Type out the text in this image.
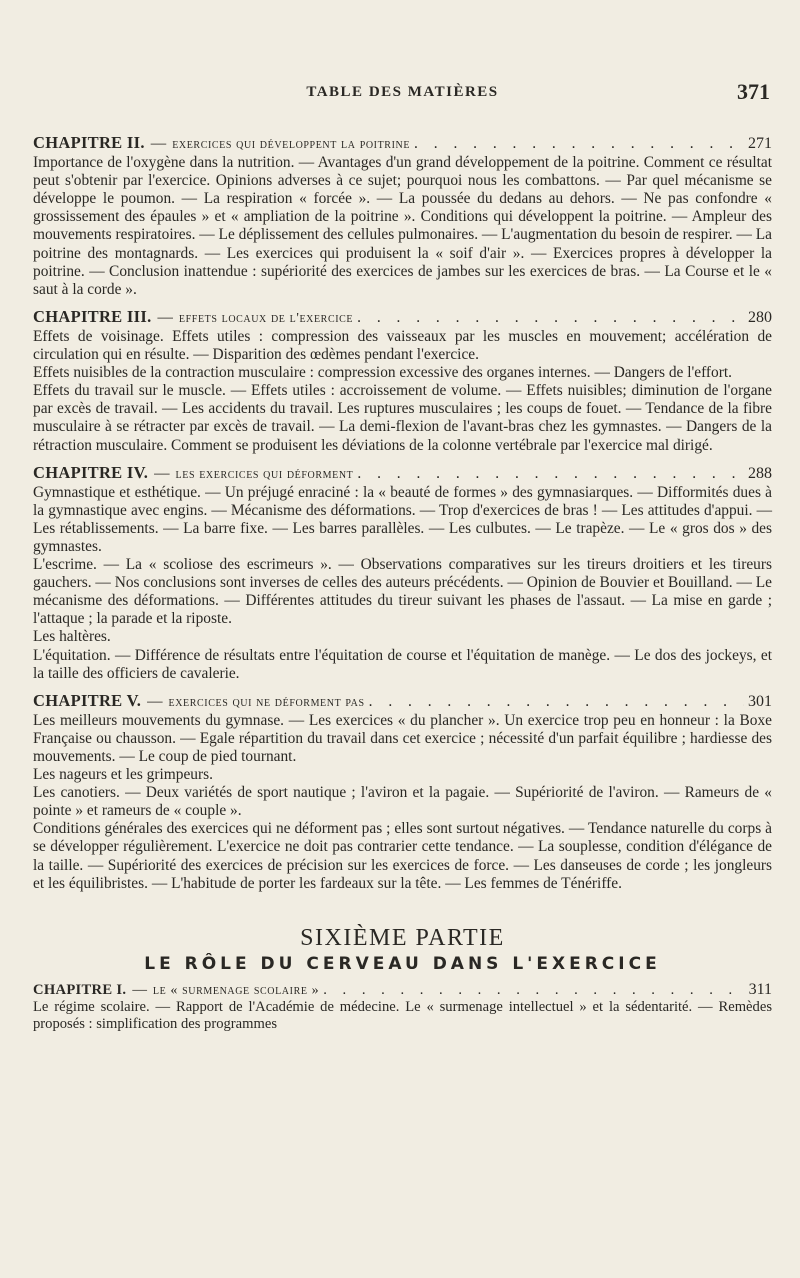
TABLE DES MATIÈRES	371
CHAPITRE II. — exercices qui développent la poitrine . . .	271
Importance de l'oxygène dans la nutrition. — Avantages d'un grand développement de la poitrine. Comment ce résultat peut s'obtenir par l'exercice. Opinions adverses à ce sujet; pourquoi nous les combattons. — Par quel mécanisme se développe le poumon. — La respiration « forcée ». — La poussée du dedans au dehors. — Ne pas confondre « grossissement des épaules » et « ampliation de la poitrine ». Conditions qui développent la poitrine. — Ampleur des mouvements respiratoires. — Le déplissement des cellules pulmonaires. — L'augmentation du besoin de respirer. — La poitrine des montagnards. — Les exercices qui produisent la « soif d'air ». — Exercices propres à développer la poitrine. — Conclusion inattendue : supériorité des exercices de jambes sur les exercices de bras. — La Course et le « saut à la corde ».
CHAPITRE III. — effets locaux de l'exercice . . .	280
Effets de voisinage. Effets utiles : compression des vaisseaux par les muscles en mouvement; accélération de circulation qui en résulte. — Disparition des œdèmes pendant l'exercice.
Effets nuisibles de la contraction musculaire : compression excessive des organes internes. — Dangers de l'effort.
Effets du travail sur le muscle. — Effets utiles : accroissement de volume. — Effets nuisibles; diminution de l'organe par excès de travail. — Les accidents du travail. Les ruptures musculaires ; les coups de fouet. — Tendance de la fibre musculaire à se rétracter par excès de travail. — La demi-flexion de l'avant-bras chez les gymnastes. — Dangers de la rétraction musculaire. Comment se produisent les déviations de la colonne vertébrale par l'exercice mal dirigé.
CHAPITRE IV. — les exercices qui déforment . . .	288
Gymnastique et esthétique. — Un préjugé enraciné : la « beauté de formes » des gymnasiarques. — Difformités dues à la gymnastique avec engins. — Mécanisme des déformations. — Trop d'exercices de bras ! — Les attitudes d'appui. — Les rétablissements. — La barre fixe. — Les barres parallèles. — Les culbutes. — Le trapèze. — Le « gros dos » des gymnastes.
L'escrime. — La « scoliose des escrimeurs ». — Observations comparatives sur les tireurs droitiers et les tireurs gauchers. — Nos conclusions sont inverses de celles des auteurs précédents. — Opinion de Bouvier et Bouilland. — Le mécanisme des déformations. — Différentes attitudes du tireur suivant les phases de l'assaut. — La mise en garde ; l'attaque ; la parade et la riposte.
Les haltères.
L'équitation. — Différence de résultats entre l'équitation de course et l'équitation de manège. — Le dos des jockeys, et la taille des officiers de cavalerie.
CHAPITRE V. — exercices qui ne déforment pas . . .	301
Les meilleurs mouvements du gymnase. — Les exercices « du plancher ». Un exercice trop peu en honneur : la Boxe Française ou chausson. — Egale répartition du travail dans cet exercice ; nécessité d'un parfait équilibre ; hardiesse des mouvements. — Le coup de pied tournant.
Les nageurs et les grimpeurs.
Les canotiers. — Deux variétés de sport nautique ; l'aviron et la pagaie. — Supériorité de l'aviron. — Rameurs de « pointe » et rameurs de « couple ».
Conditions générales des exercices qui ne déforment pas ; elles sont surtout négatives. — Tendance naturelle du corps à se développer régulièrement. L'exercice ne doit pas contrarier cette tendance. — La souplesse, condition d'élégance de la taille. — Supériorité des exercices de précision sur les exercices de force. — Les danseuses de corde ; les jongleurs et les équilibristes. — L'habitude de porter les fardeaux sur la tête. — Les femmes de Ténériffe.
SIXIÈME PARTIE
LE RÔLE DU CERVEAU DANS L'EXERCICE
CHAPITRE I. — le « surmenage scolaire » . . .	311
Le régime scolaire. — Rapport de l'Académie de médecine. Le « surmenage intellectuel » et la sédentarité. — Remèdes proposés : simplification des programmes
